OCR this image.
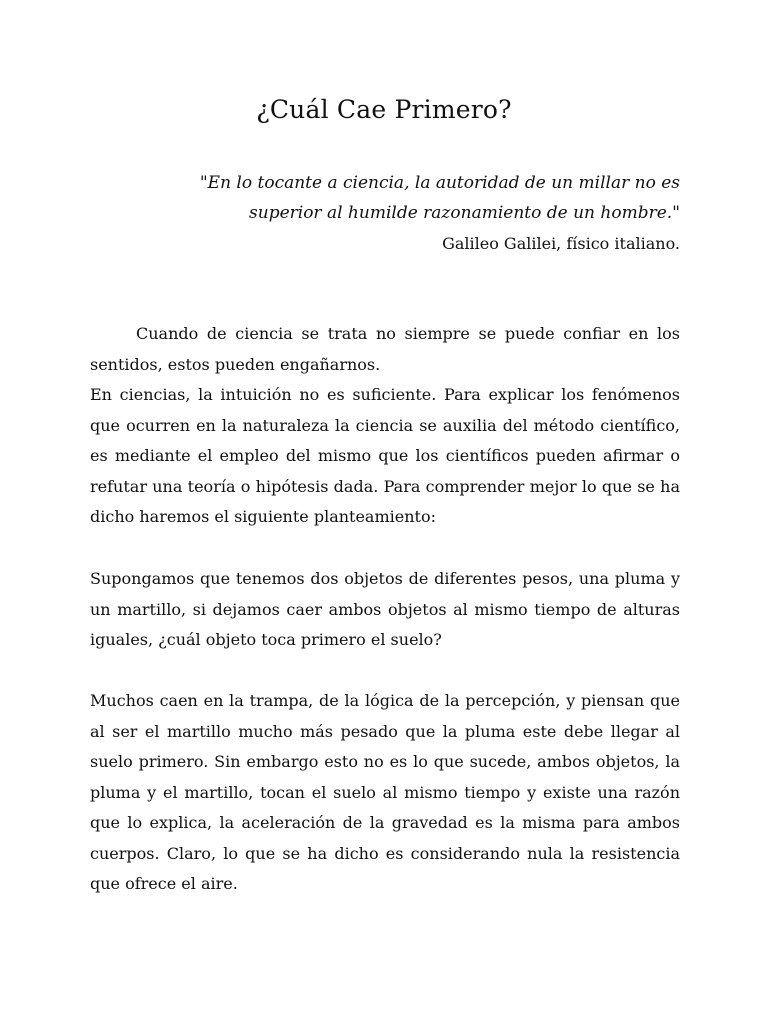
¿Cuál Cae Primero?

"En lo tocante a ciencia, la autoridad de un millar no es superior al humilde razonamiento de un hombre."

Galileo Galilei, físico italiano.

Cuando de ciencia se trata no siempre se puede confiar en los sentidos, estos pueden engañarnos.

En ciencias, la intuición no es suficiente. Para explicar los fenómenos que ocurren en la naturaleza la ciencia se auxilia del método científico, es mediante el empleo del mismo que los científicos pueden afirmar o refutar una teoría o hipótesis dada. Para comprender mejor lo que se ha dicho haremos el siguiente planteamiento:

Supongamos que tenemos dos objetos de diferentes pesos, una pluma y un martillo, si dejamos caer ambos objetos al mismo tiempo de alturas iguales, ¿cuál objeto toca primero el suelo?

Muchos caen en la trampa, de la lógica de la percepción, y piensan que al ser el martillo mucho más pesado que la pluma este debe llegar al suelo primero. Sin embargo esto no es lo que sucede, ambos objetos, la pluma y el martillo, tocan el suelo al mismo tiempo y existe una razón que lo explica, la aceleración de la gravedad es la misma para ambos cuerpos. Claro, lo que se ha dicho es considerando nula la resistencia que ofrece el aire.
